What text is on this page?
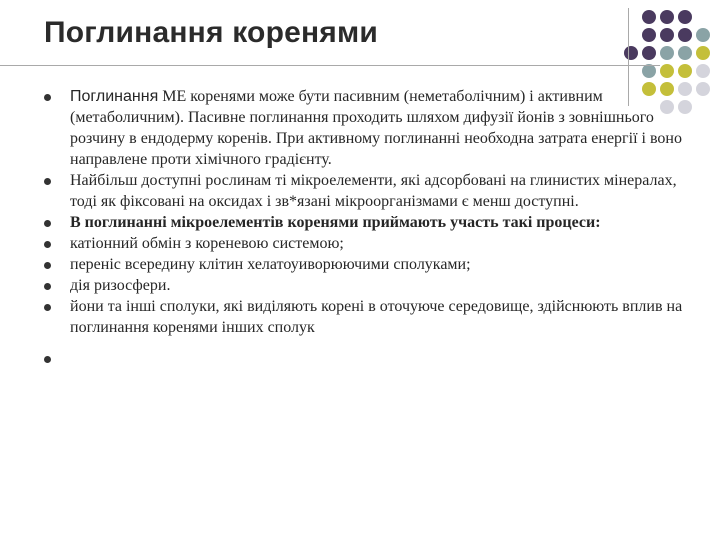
Поглинання коренями
Поглинання МЕ коренями може бути пасивним (неметаболічним) і активним (метаболичним). Пасивне поглинання проходить шляхом дифузії йонів з зовнішнього розчину в ендодерму коренів. При активному поглинанні необходна затрата енергії і воно направлене проти хімічного градієнту.
Найбільш доступні рослинам ті мікроелементи, які адсорбовані на глинистих мінералах, тоді як фіксовані на оксидах і зв*язані мікроорганізмами є менш доступні.
В поглинанні мікроелементів коренями приймають участь такі процеси:
катіонний обмін з кореневою системою;
переніс всередину клітин хелатоуиворюючими сполуками;
дія ризосфери.
йони та інші сполуки, які виділяють корені в оточуюче середовище, здійснюють вплив на поглинання коренями інших сполук
